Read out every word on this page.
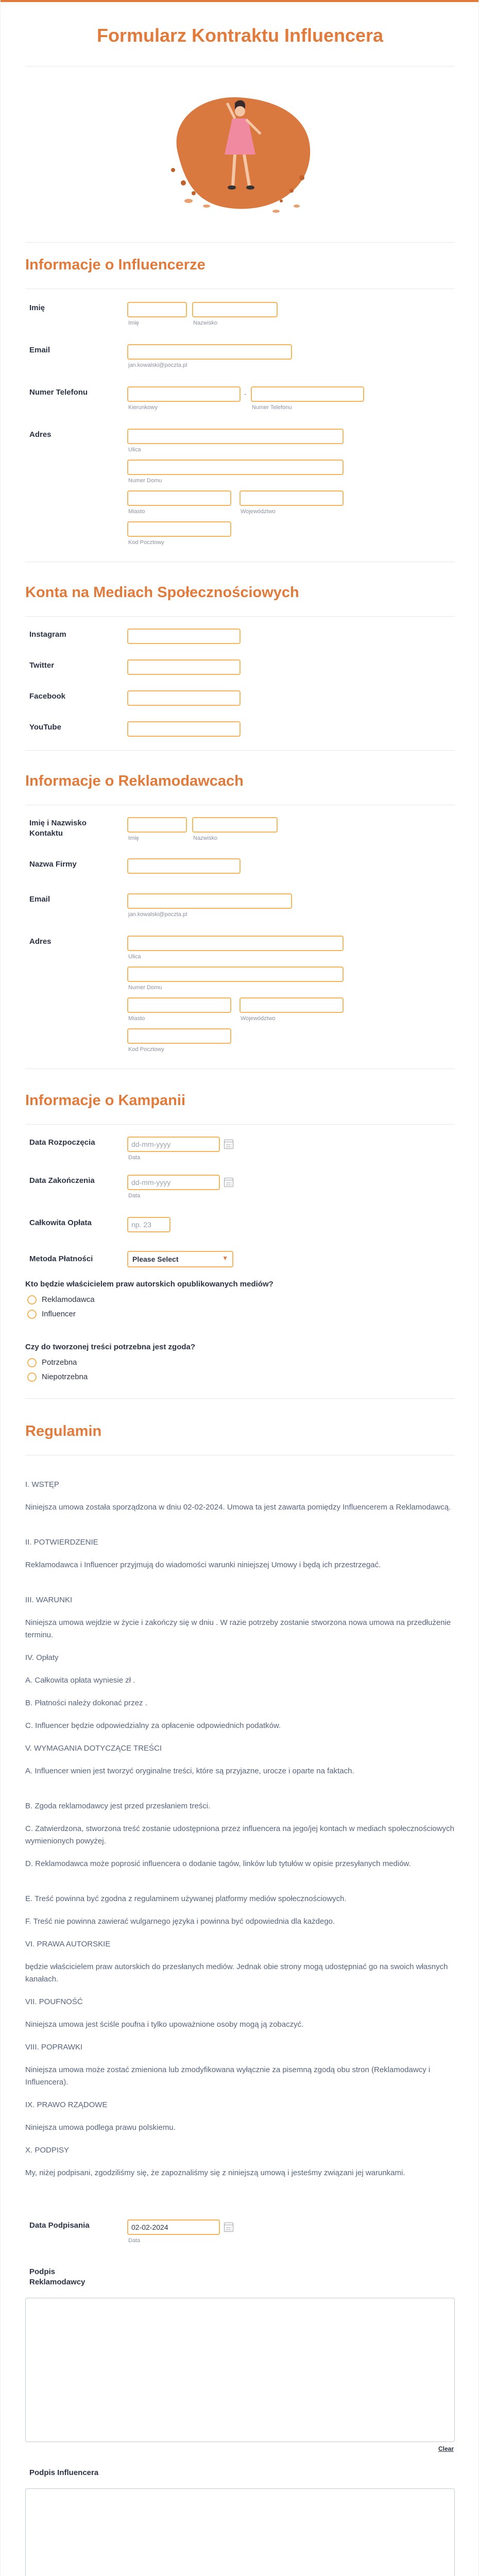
Formularz Kontraktu Influencera
Informacje o Influencerze
Imię
Imię	Nazwisko
Email
jan.kowalski@poczta.pl
Numer Telefonu	-
Kierunkowy	Numer Telefonu
Adres
Ulica
Numer Domu
Miasto	Województwo
Kod Pocztowy
Konta na Mediach Społecznościowych
Instagram
Twitter
Facebook
YouTube
Informacje o Reklamodawcach
Imię i Nazwisko Kontaktu
Imię	Nazwisko
Nazwa Firmy
Email
jan.kowalski@poczta.pl
Adres
Ulica
Numer Domu
Miasto	Województwo
Kod Pocztowy
Informacje o Kampanii
Data Rozpoczęcia
dd-mm-yyyy
Data
Data Zakończenia
dd-mm-yyyy
Data
Całkowita Opłata
np. 23
Metoda Płatności	Please Select	▼
Kto będzie właścicielem praw autorskich opublikowanych mediów?
Reklamodawca
Influencer
Czy do tworzonej treści potrzebna jest zgoda?
Potrzebna
Niepotrzebna
Regulamin
I. WSTĘP
Niniejsza umowa została sporządzona w dniu 02-02-2024. Umowa ta jest zawarta pomiędzy Influencerem a Reklamodawcą.
II. POTWIERDZENIE
Reklamodawca i Influencer przyjmują do wiadomości warunki niniejszej Umowy i będą ich przestrzegać.
III. WARUNKI
Niniejsza umowa wejdzie w życie i zakończy się w dniu . W razie potrzeby zostanie stworzona nowa umowa na przedłużenie terminu.
IV. Opłaty
A. Całkowita opłata wyniesie zł .
B. Płatności należy dokonać przez .
C. Influencer będzie odpowiedzialny za opłacenie odpowiednich podatków.
V. WYMAGANIA DOTYCZĄCE TREŚCI
A. Influencer wnien jest tworzyć oryginalne treści, które są przyjazne, urocze i oparte na faktach.
B. Zgoda reklamodawcy jest przed przesłaniem treści.
C. Zatwierdzona, stworzona treść zostanie udostępniona przez influencera na jego/jej kontach w mediach społecznościowych wymienionych powyżej.
D. Reklamodawca może poprosić influencera o dodanie tagów, linków lub tytułów w opisie przesyłanych mediów.
E. Treść powinna być zgodna z regulaminem używanej platformy mediów społecznościowych.
F. Treść nie powinna zawierać wulgarnego języka i powinna być odpowiednia dla każdego.
VI. PRAWA AUTORSKIE
będzie właścicielem praw autorskich do przesłanych mediów. Jednak obie strony mogą udostępniać go na swoich własnych kanałach.
VII. POUFNOŚĆ
Niniejsza umowa jest ściśle poufna i tylko upoważnione osoby mogą ją zobaczyć.
VIII. POPRAWKI
Niniejsza umowa może zostać zmieniona lub zmodyfikowana wyłącznie za pisemną zgodą obu stron (Reklamodawcy i Influencera).
IX. PRAWO RZĄDOWE
Niniejsza umowa podlega prawu polskiemu.
X. PODPISY
My, niżej podpisani, zgodziliśmy się, że zapoznaliśmy się z niniejszą umową i jesteśmy związani jej warunkami.
Data Podpisania
02-02-2024
Data
Podpis Reklamodawcy
Clear
Podpis Influencera
